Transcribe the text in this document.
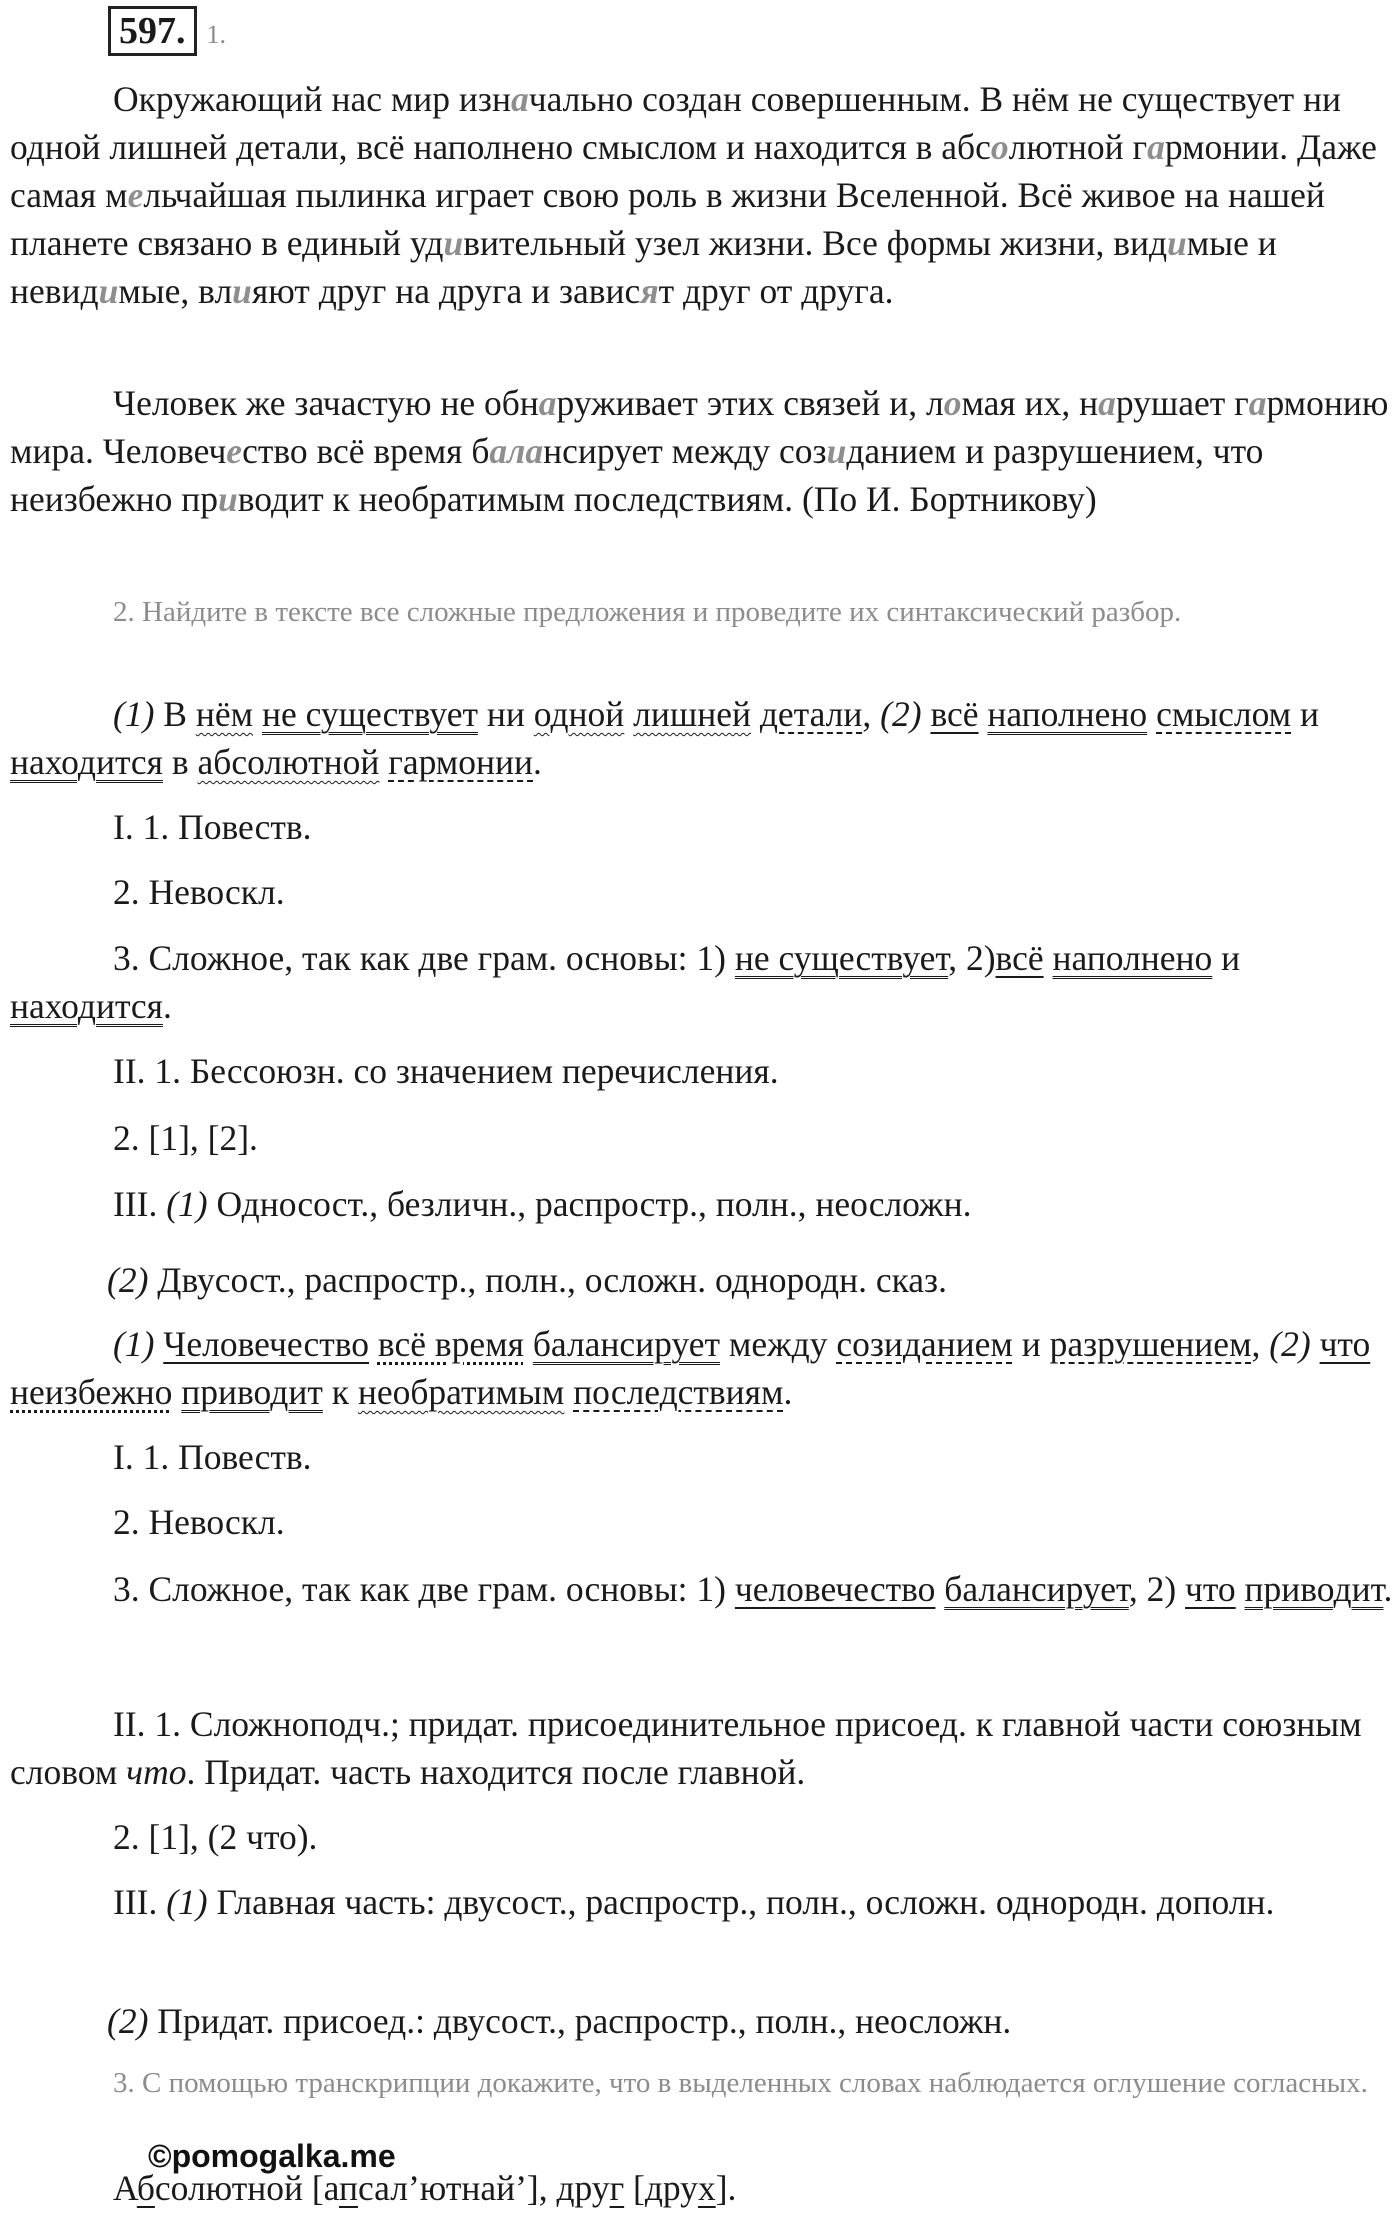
597. 1.

Окружающий нас мир изначально создан совершенным. В нём не существует ни одной лишней детали, всё наполнено смыслом и находится в абсолютной гармонии. Даже самая мельчайшая пылинка играет свою роль в жизни Вселенной. Всё живое на нашей планете связано в единый удивительный узел жизни. Все формы жизни, видимые и невидимые, влияют друг на друга и зависят друг от друга.

Человек же зачастую не обнаруживает этих связей и, ломая их, нарушает гармонию мира. Человечество всё время балансирует между созиданием и разрушением, что неизбежно приводит к необратимым последствиям. (По И. Бортникову)

2. Найдите в тексте все сложные предложения и проведите их синтаксический разбор.

(1) В нём не существует ни одной лишней детали, (2) всё наполнено смыслом и находится в абсолютной гармонии.

I. 1. Повеств.

2. Невоскл.

3. Сложное, так как две грам. основы: 1) не существует, 2)всё наполнено и находится.

II. 1. Бессоюзн. со значением перечисления.

2. [1], [2].

III. (1) Односост., безличн., распростр., полн., неосложн.

(2) Двусост., распростр., полн., осложн. однородн. сказ.

(1) Человечество всё время балансирует между созиданием и разрушением, (2) что неизбежно приводит к необратимым последствиям.

I. 1. Повеств.

2. Невоскл.

3. Сложное, так как две грам. основы: 1) человечество балансирует, 2) что приводит.

II. 1. Сложноподч.; придат. присоединительное присоед. к главной части союзным словом что. Придат. часть находится после главной.

2. [1], (2 что).

III. (1) Главная часть: двусост., распростр., полн., осложн. однородн. дополн.

(2) Придат. присоед.: двусост., распростр., полн., неосложн.

3. С помощью транскрипции докажите, что в выделенных словах наблюдается оглушение согласных.

©pomogalka.me

Абсолютной [апсал’ютнай’], друг [друх].
